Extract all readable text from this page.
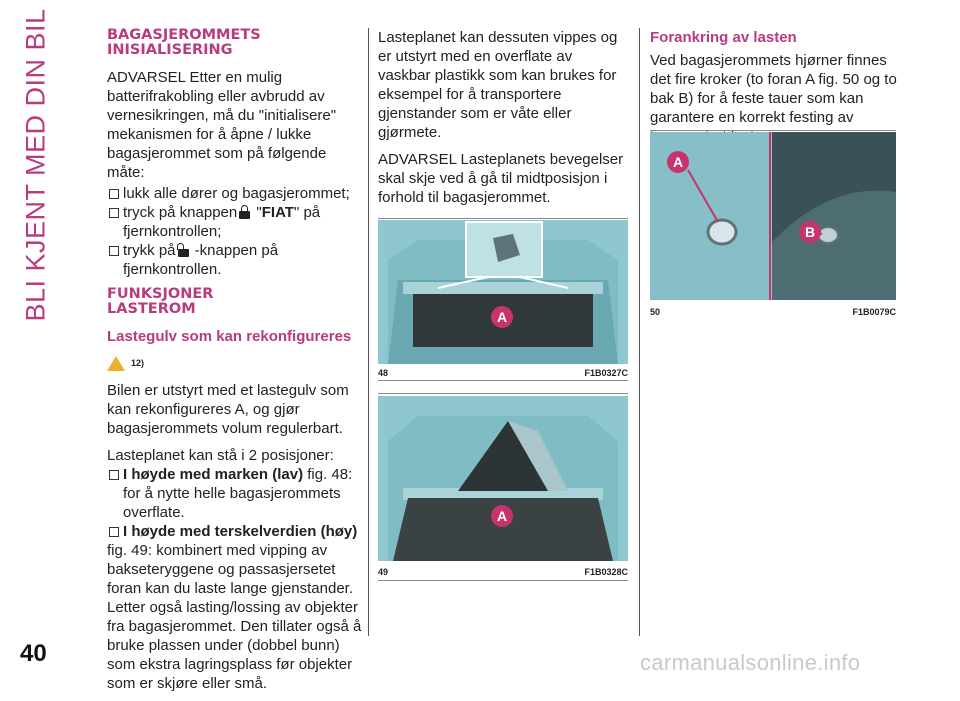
BLI KJENT MED DIN BIL	BAGASJEROMMETS
INISIALISERING

ADVARSEL Etter en mulig batterifrakobling eller avbrudd av vernesikringen, må du "initialisere" mekanismen for å åpne / lukke bagasjerommet som på følgende måte:

lukk alle dører og bagasjerommet;

tryck på knappen
"FIAT" på fjernkontrollen;

trykk på
-knappen på fjernkontrollen.

FUNKSJONER
LASTEROM
Lastegulv som kan rekonfigureres
12)

Bilen er utstyrt med et lastegulv som kan rekonfigureres A, og gjør bagasjerommets volum regulerbart.

Lasteplanet kan stå i 2 posisjoner:

I høyde med marken (lav) fig. 48: for å nytte helle bagasjerommets overflate.

I høyde med terskelverdien (høy)

fig. 49: kombinert med vipping av bakseteryggene og passasjersetet foran kan du laste lange gjenstander. Letter også lasting/lossing av objekter fra bagasjerommet. Den tillater også å bruke plassen under (dobbel bunn) som ekstra lagringsplass før objekter som er skjøre eller små.

Lasteplanet kan dessuten vippes og er utstyrt med en overflate av vaskbar plastikk som kan brukes for eksempel for å transportere gjenstander som er våte eller gjørmete.

ADVARSEL Lasteplanets bevegelser skal skje ved å gå til midtposisjon i forhold til bagasjerommet.

A
48	F1B0327C
A
49	F1B0328C
Forankring av lasten

Ved bagasjerommets hjørner finnes det fire kroker (to foran A fig. 50 og to bak B) for å feste tauer som kan garantere en korrekt festing av

A
B
50	F1B0079C
40	carmanualsonline.info
